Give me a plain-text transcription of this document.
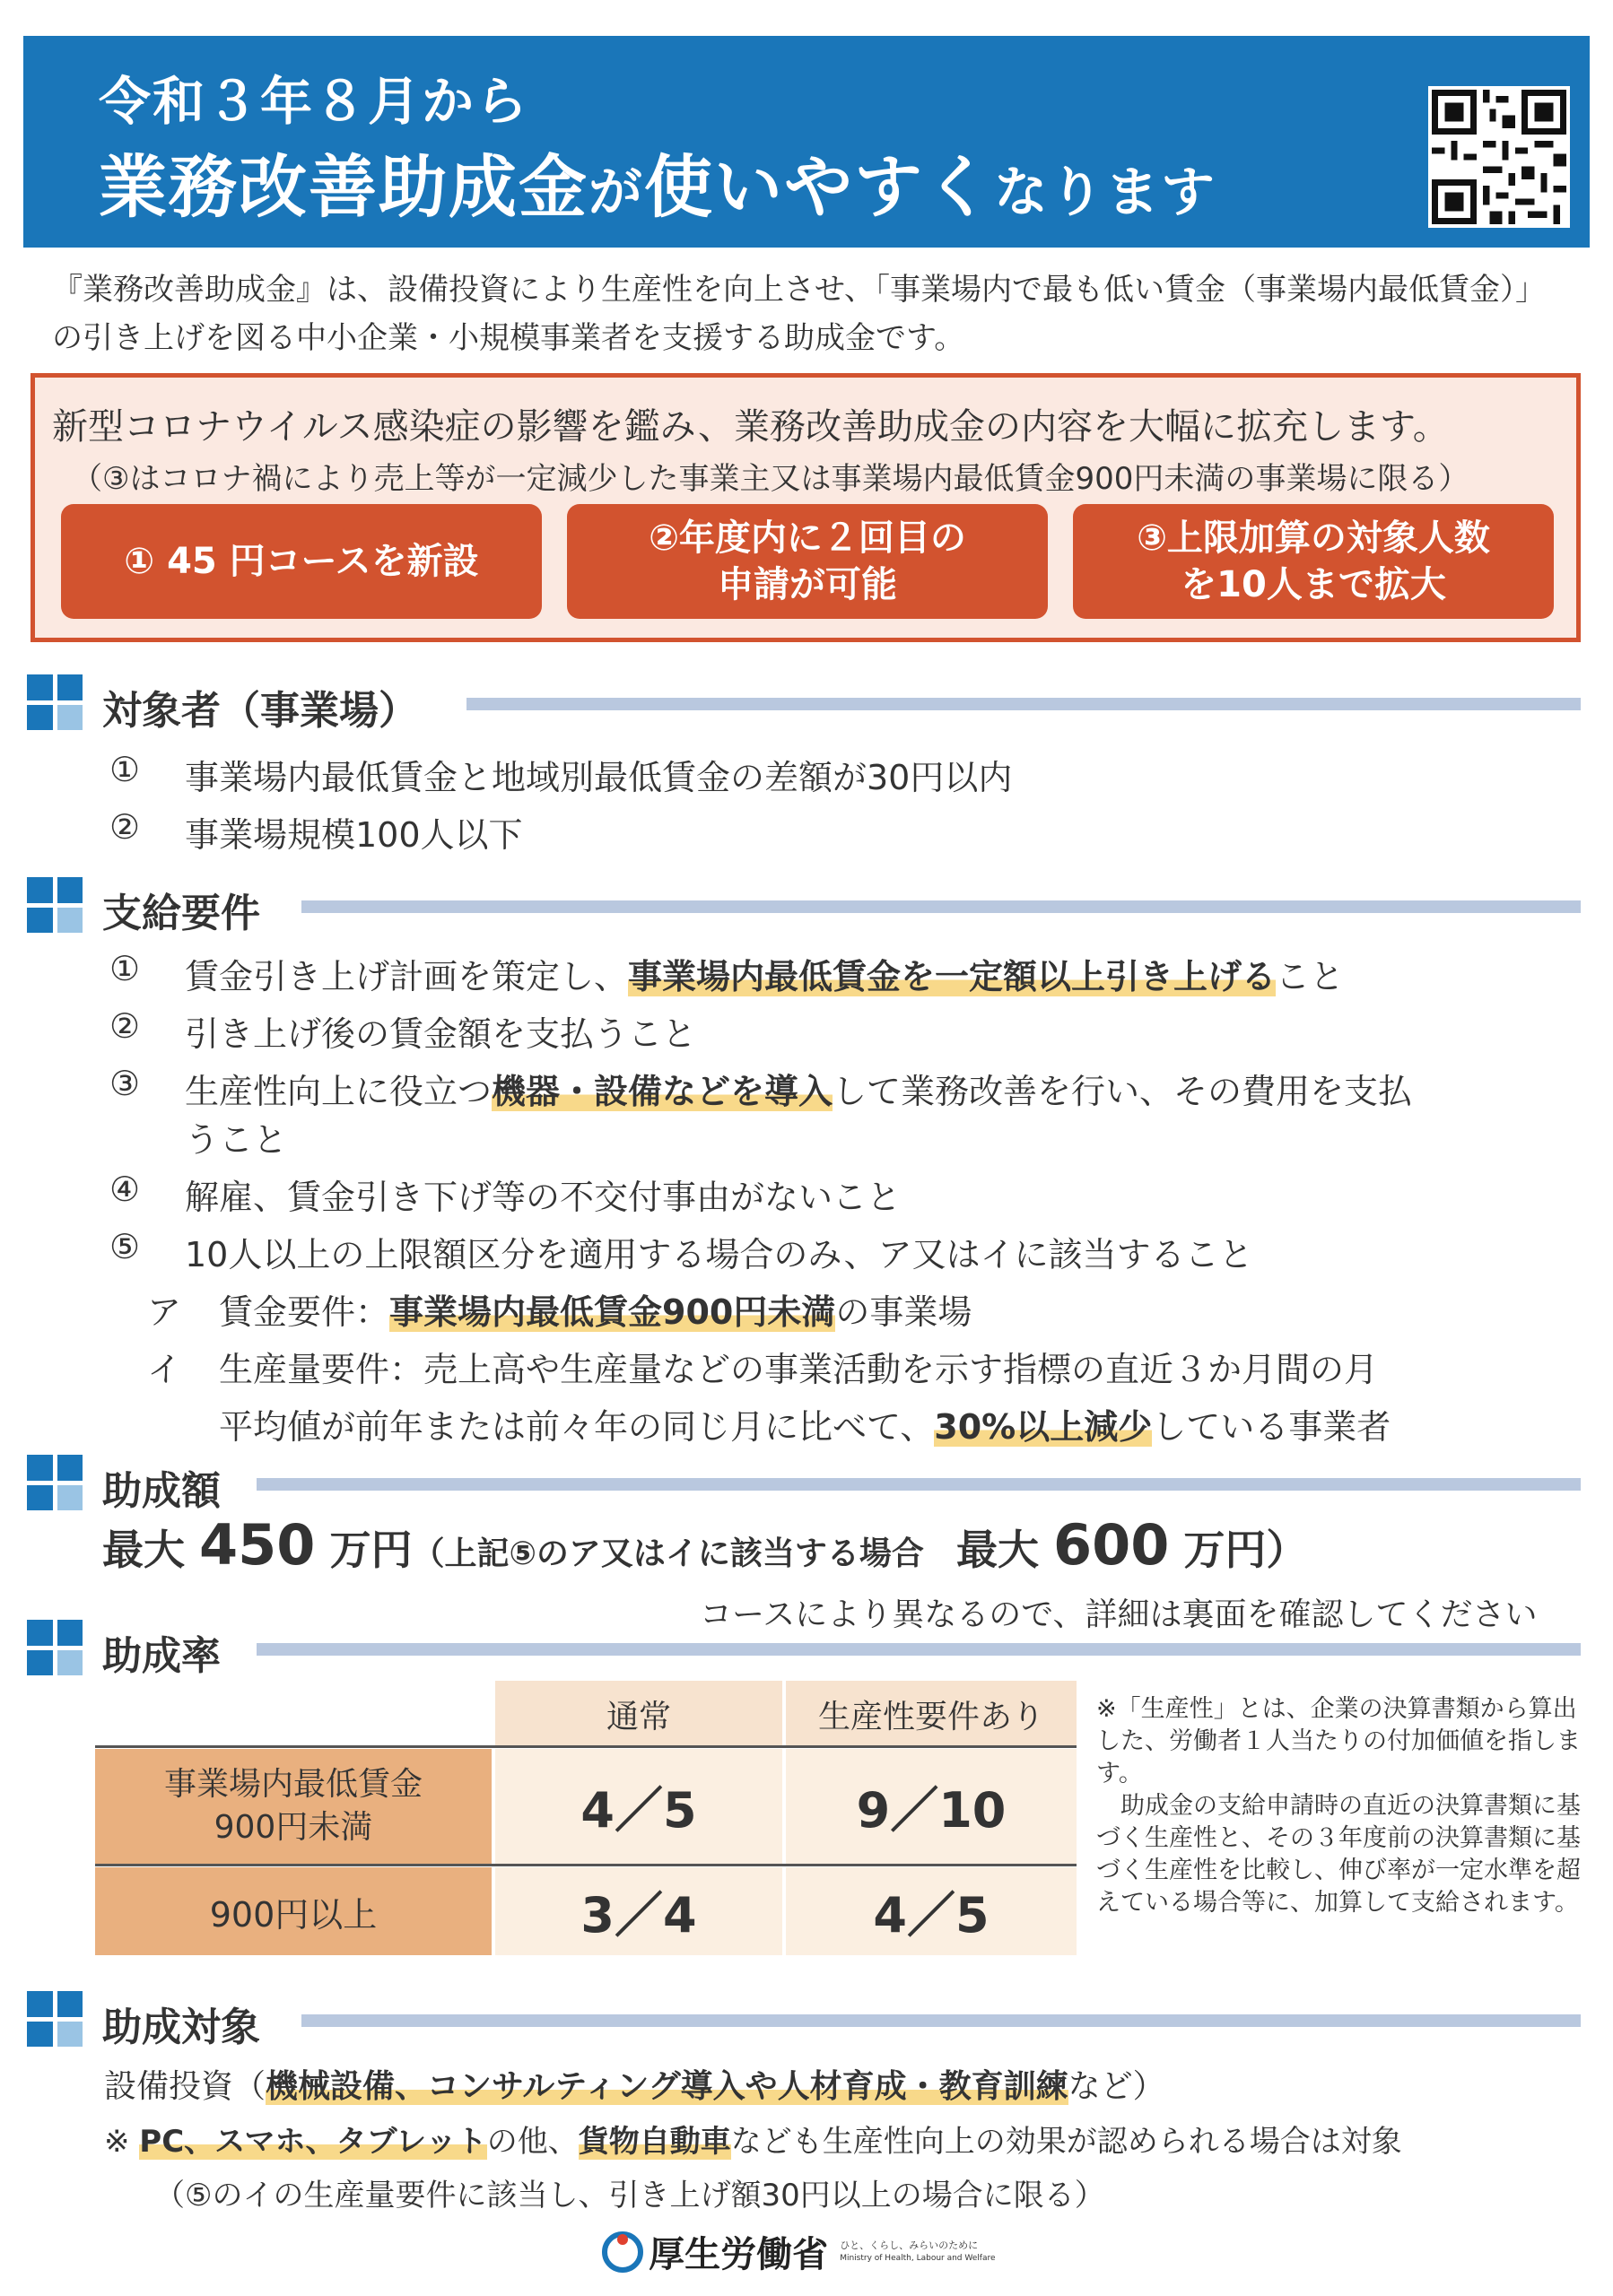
令和３年８月から
業務改善助成金が使いやすくなります
『業務改善助成金』は、設備投資により生産性を向上させ、「事業場内で最も低い賃金（事業場内最低賃金）」の引き上げを図る中小企業・小規模事業者を支援する助成金です。
新型コロナウイルス感染症の影響を鑑み、業務改善助成金の内容を大幅に拡充します。
（③はコロナ禍により売上等が一定減少した事業主又は事業場内最低賃金900円未満の事業場に限る）
① 45 円コースを新設
②年度内に２回目の
申請が可能
③上限加算の対象人数
を10人まで拡大
対象者（事業場）
① 事業場内最低賃金と地域別最低賃金の差額が30円以内
② 事業場規模100人以下
支給要件
① 賃金引き上げ計画を策定し、事業場内最低賃金を一定額以上引き上げること
② 引き上げ後の賃金額を支払うこと
③ 生産性向上に役立つ機器・設備などを導入して業務改善を行い、その費用を支払
うこと
④ 解雇、賃金引き下げ等の不交付事由がないこと
⑤ 10人以上の上限額区分を適用する場合のみ、ア又はイに該当すること
ア 賃金要件：事業場内最低賃金900円未満の事業場
イ 生産量要件：売上高や生産量などの事業活動を示す指標の直近３か月間の月
平均値が前年または前々年の同じ月に比べて、30%以上減少している事業者
助成額
最大 450 万円（上記⑤のア又はイに該当する場合　最大 600 万円）
コースにより異なるので、詳細は裏面を確認してください
助成率
通常	生産性要件あり
事業場内最低賃金
900円未満	4／5	9／10
900円以上	3／4	4／5
※「生産性」とは、企業の決算書類から算出した、労働者１人当たりの付加価値を指します。
　助成金の支給申請時の直近の決算書類に基づく生産性と、その３年度前の決算書類に基づく生産性を比較し、伸び率が一定水準を超えている場合等に、加算して支給されます。
助成対象
設備投資（機械設備、コンサルティング導入や人材育成・教育訓練など）
※ PC、スマホ、タブレットの他、貨物自動車なども生産性向上の効果が認められる場合は対象
（⑤のイの生産量要件に該当し、引き上げ額30円以上の場合に限る）
厚生労働省 ひと、くらし、みらいのために
Ministry of Health, Labour and Welfare
